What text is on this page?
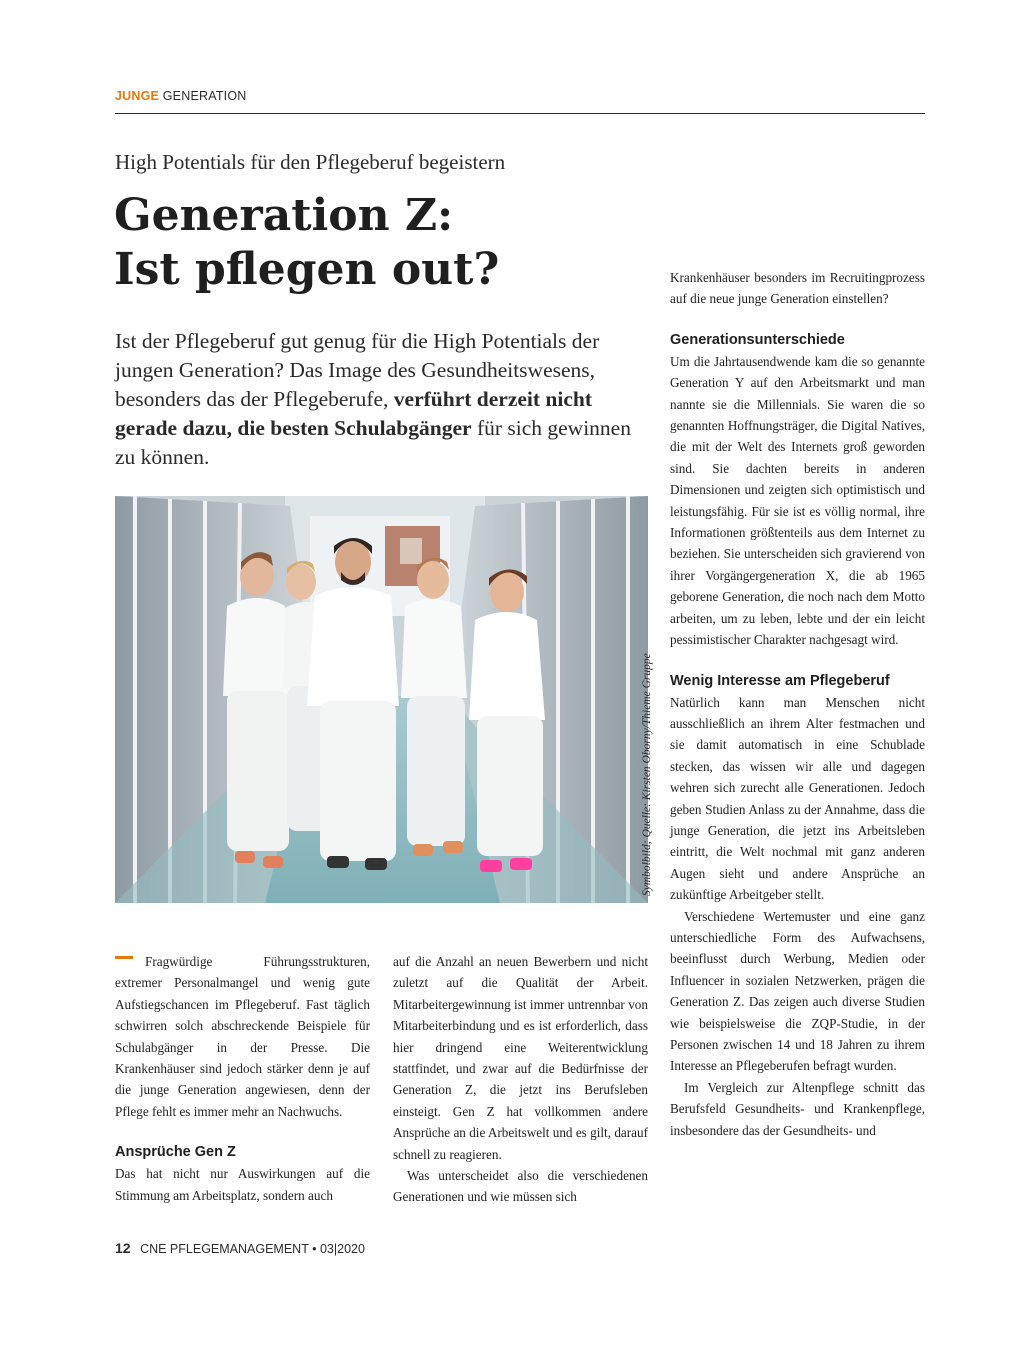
JUNGE GENERATION
High Potentials für den Pflegeberuf begeistern
Generation Z:
Ist pflegen out?

Ist der Pflegeberuf gut genug für die High Potentials der jungen Generation? Das Image des Gesundheitswesens, besonders das der Pflegeberufe, verführt derzeit nicht gerade dazu, die besten Schulabgänger für sich gewinnen zu können.

Symbolbild; Quelle: Kirsten Oborny/Thieme Gruppe

Fragwürdige Führungsstrukturen, extremer Personalmangel und wenig gute Aufstiegschancen im Pflegeberuf. Fast täglich schwirren solch abschreckende Beispiele für Schulabgänger in der Presse. Die Krankenhäuser sind jedoch stärker denn je auf die junge Generation angewiesen, denn der Pflege fehlt es immer mehr an Nachwuchs.

Ansprüche Gen Z

Das hat nicht nur Auswirkungen auf die Stimmung am Arbeitsplatz, sondern auch

auf die Anzahl an neuen Bewerbern und nicht zuletzt auf die Qualität der Arbeit. Mitarbeitergewinnung ist immer untrennbar von Mitarbeiterbindung und es ist erforderlich, dass hier dringend eine Weiterentwicklung stattfindet, und zwar auf die Bedürfnisse der Generation Z, die jetzt ins Berufsleben einsteigt. Gen Z hat vollkommen andere Ansprüche an die Arbeitswelt und es gilt, darauf schnell zu reagieren.

Was unterscheidet also die verschiedenen Generationen und wie müssen sich

Krankenhäuser besonders im Recruitingprozess auf die neue junge Generation einstellen?

Generationsunterschiede

Um die Jahrtausendwende kam die so genannte Generation Y auf den Arbeitsmarkt und man nannte sie die Millennials. Sie waren die so genannten Hoffnungsträger, die Digital Natives, die mit der Welt des Internets groß geworden sind. Sie dachten bereits in anderen Dimensionen und zeigten sich optimistisch und leistungsfähig. Für sie ist es völlig normal, ihre Informationen größtenteils aus dem Internet zu beziehen. Sie unterscheiden sich gravierend von ihrer Vorgängergeneration X, die ab 1965 geborene Generation, die noch nach dem Motto arbeiten, um zu leben, lebte und der ein leicht pessimistischer Charakter nachgesagt wird.

Wenig Interesse am Pflegeberuf

Natürlich kann man Menschen nicht ausschließlich an ihrem Alter festmachen und sie damit automatisch in eine Schublade stecken, das wissen wir alle und dagegen wehren sich zurecht alle Generationen. Jedoch geben Studien Anlass zu der Annahme, dass die junge Generation, die jetzt ins Arbeitsleben eintritt, die Welt nochmal mit ganz anderen Augen sieht und andere Ansprüche an zukünftige Arbeitgeber stellt.

Verschiedene Wertemuster und eine ganz unterschiedliche Form des Aufwachsens, beeinflusst durch Werbung, Medien oder Influencer in sozialen Netzwerken, prägen die Generation Z. Das zeigen auch diverse Studien wie beispielsweise die ZQP-Studie, in der Personen zwischen 14 und 18 Jahren zu ihrem Interesse an Pflegeberufen befragt wurden.

Im Vergleich zur Altenpflege schnitt das Berufsfeld Gesundheits- und Krankenpflege, insbesondere das der Gesundheits- und

12 CNE PFLEGEMANAGEMENT • 03|2020
